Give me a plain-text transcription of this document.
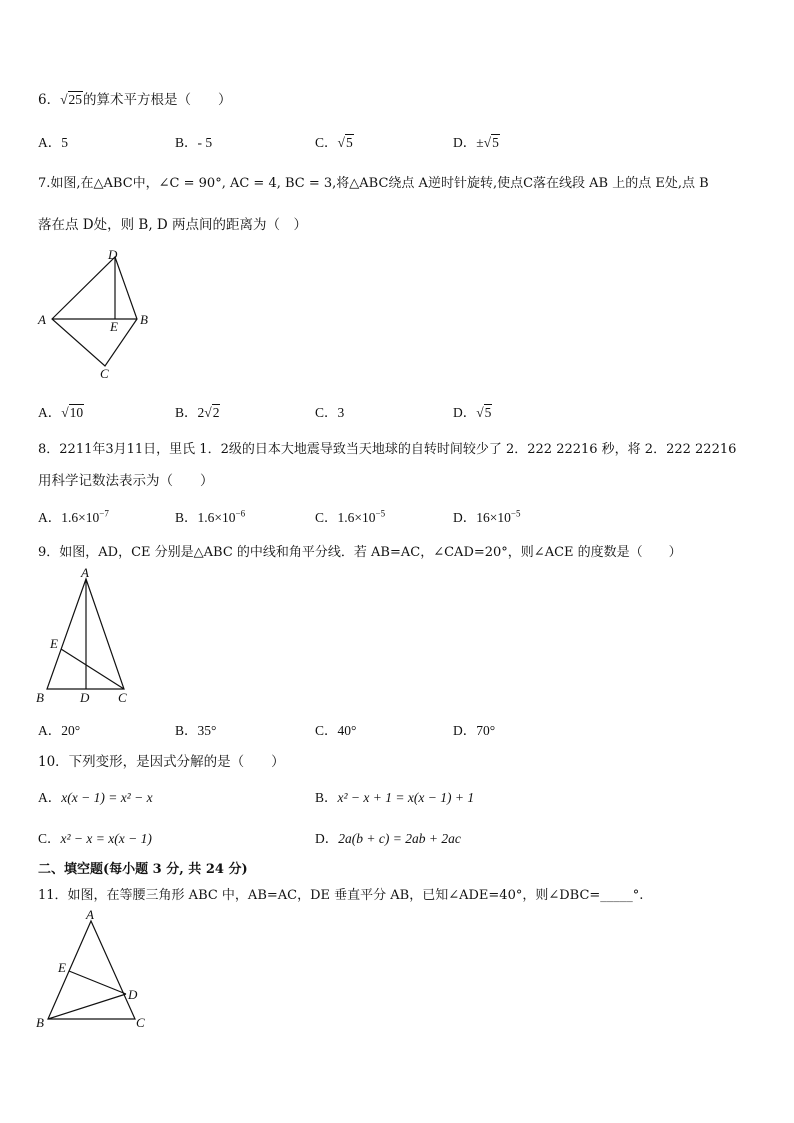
6．√25的算术平方根是（　　）
A．5	B．- 5	C．√5	D．±√5
7.如图,在△ABC中，∠C = 90°, AC = 4, BC = 3,将△ABC绕点 A逆时针旋转,使点C落在线段 AB 上的点 E处,点 B
落在点 D处，则 B, D 两点间的距离为（　）
A
D
E B
C
A．√10	B．2√2	C．3	D．√5
8．2211年3月11日，里氏 1．2级的日本大地震导致当天地球的自转时间较少了 2．222 22216 秒，将 2．222 22216
用科学记数法表示为（　　）
A．$1.6\times 10^{-7}$	B．$1.6\times 10^{-6}$	C．$1.6\times 10^{-5}$	D．$16\times 10^{-5}$
9．如图，AD，CE 分别是△ABC 的中线和角平分线．若 AB=AC，∠CAD=20°，则∠ACE 的度数是（　　）
A
E
B	D C
A．20°	B．35°	C．40°	D．70°
10．下列变形，是因式分解的是（　　）
A．x(x − 1) = x² − x	B．x² − x + 1 = x(x − 1) + 1
C．x² − x = x(x − 1)	D．2a(b + c) = 2ab + 2ac
二、填空题(每小题 3 分, 共 24 分)
11．如图，在等腰三角形 ABC 中，AB=AC，DE 垂直平分 AB，已知∠ADE=40°，则∠DBC=_____°.
A
E
D
B	C
